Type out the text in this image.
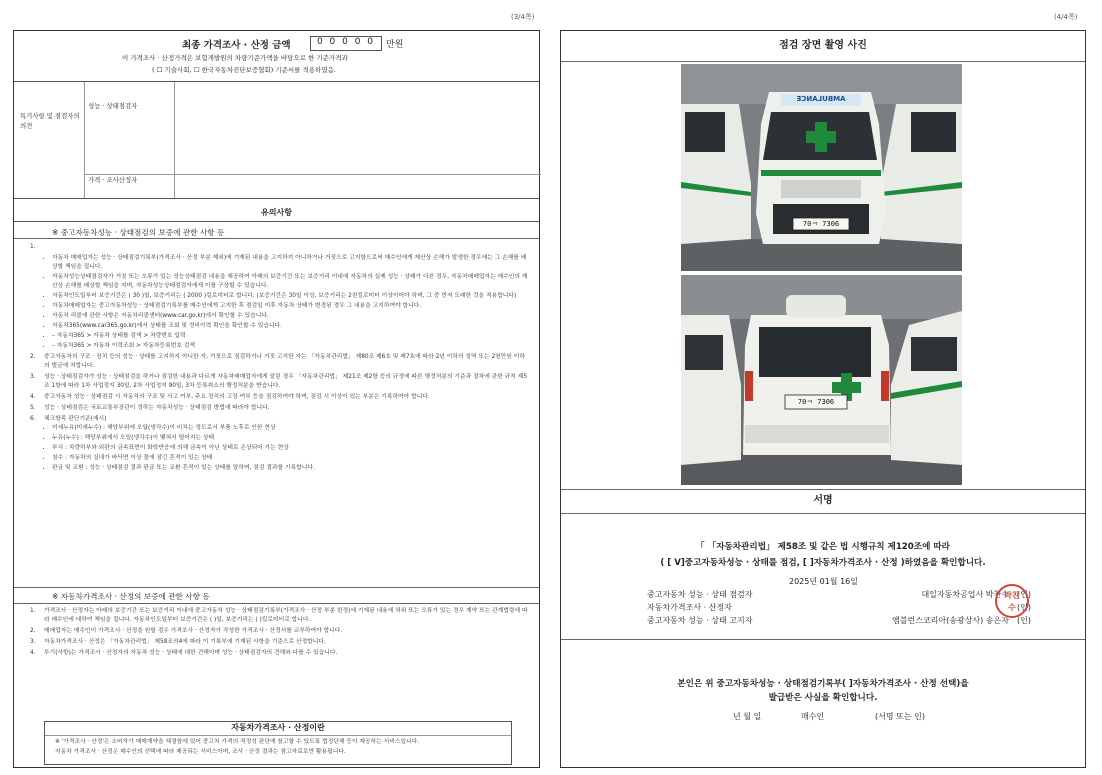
(3/4쪽)	(4/4쪽)
최종 가격조사 · 산정 금액	0 0 0 0 0	만원
이 가격조사 · 산정가격은 보험개발원의 차량기준가액을 바탕으로 한 기준가격과
( ☐ 기술사회, ☐ 한국자동차진단보증협회) 기준서를 적용하였음.
특기사항 및 점검자의 의견
성능 · 상태점검자
가격 · 조사산정자
유의사항
※ 중고자동차성능 · 상태점검의 보증에 관한 사항 등
1.
• 자동차 매매업자는 성능 · 상태점검기록부(가격조사 · 산정 부분 제외)에 기재된 내용을 고지하지 아니하거나 거짓으로 고지함으로써 매수인에게 재산상 손해가 발생한 경우에는 그 손해를 배상할 책임을 집니다.
• 자동차성능상태점검자가 거짓 또는 오류가 있는 성능상태점검 내용을 제공하여 아래의 보증기간 또는 보증거리 이내에 자동차의 실제 성능 · 상태가 다른 경우, 자동차매매업자는 매수인의 재산상 손해를 배상할 책임을 지며, 자동차성능상태점검자에게 이를 구상할 수 있습니다.
• 자동차인도일부터 보증기간은 ( 30 )일, 보증거리는 ( 2000 )킬로미터로 합니다. (보증기간은 30일 이상, 보증거리는 2천킬로미터 이상이어야 하며, 그 중 먼저 도래한 것을 적용합니다)
• 자동차매매업자는 중고자동차성능 · 상태점검기록부를 매수인에게 고지한 후 점검일 이후 자동차 상태가 변경된 경우 그 내용을 고지하여야 합니다.
• 자동차 리콜에 관한 사항은 자동차리콜센터(www.car.go.kr)에서 확인할 수 있습니다.
• 자동차365(www.car365.go.kr)에서 상태를 조회 및 정비이력 확인을 확인할 수 있습니다.
• – 자동차365 > 자동차 상태를 검색 > 차량번호 입력
• – 자동차365 > 자동차 이력조회 > 자동차등록번호 검색
2.	중고자동차의 구조 · 장치 등의 성능 · 상태를 고지하지 아니한 자, 거짓으로 점검하거나 거짓 고지한 자는 「자동차관리법」 제80조 제6호 및 제7호에 따라 2년 이하의 징역 또는 2천만원 이하의 벌금에 처합니다.
3.	성능 · 상태점검자가 성능 · 상태점검을 하거나 점검한 내용과 다르게 자동차매매업자에게 알린 경우 「자동차관리법」 제21조 제2항 등의 규정에 따른 행정처분의 기준과 절차에 관한 규칙 제5조 1항에 따라 1차 사업정지 30일, 2차 사업정지 90일, 3차 등록취소의 행정처분을 받습니다.
4.	중고자동차 성능 · 상태점검 시 자동차의 구조 및 사고 여부, 주요 장치의 고장 여부 등을 점검하여야 하며, 점검 시 이상이 있는 부분은 기록하여야 합니다.
5.	성능 · 상태점검은 국토교통부장관이 정하는 자동차성능 · 상태점검 방법에 따라야 합니다.
6.	체크항목 판단기준(예시)
• 미세누유(미세누수) : 해당부위에 오일(냉각수)이 비치는 정도로서 부품 노후로 인한 현상
• 누유(누수) : 해당부위에서 오일(냉각수)이 맺혀서 떨어지는 상태
• 부식 : 차량하부와 외판의 금속표면이 화학반응에 의해 금속이 아닌 상태로 손상되어 가는 현상
• 침수 : 자동차의 실내가 바닥면 이상 물에 잠긴 흔적이 있는 상태
• 판금 및 교환 : 성능 · 상태점검 결과 판금 또는 교환 흔적이 있는 상태를 말하며, 점검 결과를 기록합니다.
※ 자동차가격조사 · 산정의 보증에 관한 사항 등
1.	가격조사 · 산정자는 아래의 보증기간 또는 보증거리 이내에 중고자동차 성능 · 상태점검기록부(가격조사 · 산정 부분 한정)에 기재된 내용에 허위 또는 오류가 있는 경우 계약 또는 관계법령에 따라 매수인에 대하여 책임을 집니다. 자동차인도일부터 보증기간은 ( )일, 보증거리는 ( )킬로미터로 합니다.
2.	매매업자는 매수인이 가격조사 · 산정을 원할 경우 가격조사 · 산정자가 작성한 가격조사 · 산정서를 교부하여야 합니다.
3.	자동차가격조사 · 산정은 「자동차관리법」 제58조의4에 따라 이 기록부에 기재된 사항을 기준으로 산정합니다.
4.	투기(사항)는 가격조사 · 산정자의 자동차 성능 · 상태에 대한 견해이며 성능 · 상태점검자의 견해와 다를 수 있습니다.
자동차가격조사 · 산정이란
※ '가격조사 · 산정'은 소비자가 매매계약을 체결함에 있어 중고차 가격의 적정성 판단에 참고할 수 있도록 법정단체 등이 제공하는 서비스입니다.
자동차 가격조사 · 산정은 매수인의 선택에 따라 제공되는 서비스이며, 조사 · 산정 결과는 참고자료로만 활용됩니다.
점검 장면 촬영 사진
AMBULANCE
70ㅋ 7306
70ㅋ 7306
서명
「 「자동차관리법」 제58조 및 같은 법 시행규칙 제120조에 따라
( [ V]중고자동차성능 · 상태를 점검, [ ]자동차가격조사 · 산정 )하였음을 확인합니다.
2025년 01월 16일
중고자동차 성능 · 상태 점검자	대일자동차공업사 박찬수 (인)
자동차가격조사 · 산정자	(인)
중고자동차 성능 · 상태 고지자	앰블런스코리아(송광상사) 송은자 (인)
박찬수
본인은 위 중고자동차성능 · 상태점검기록부( ]자동차가격조사 · 산정 선택)을
발급받은 사실을 확인합니다.
년 월 일	매수인	(서명 또는 인)
